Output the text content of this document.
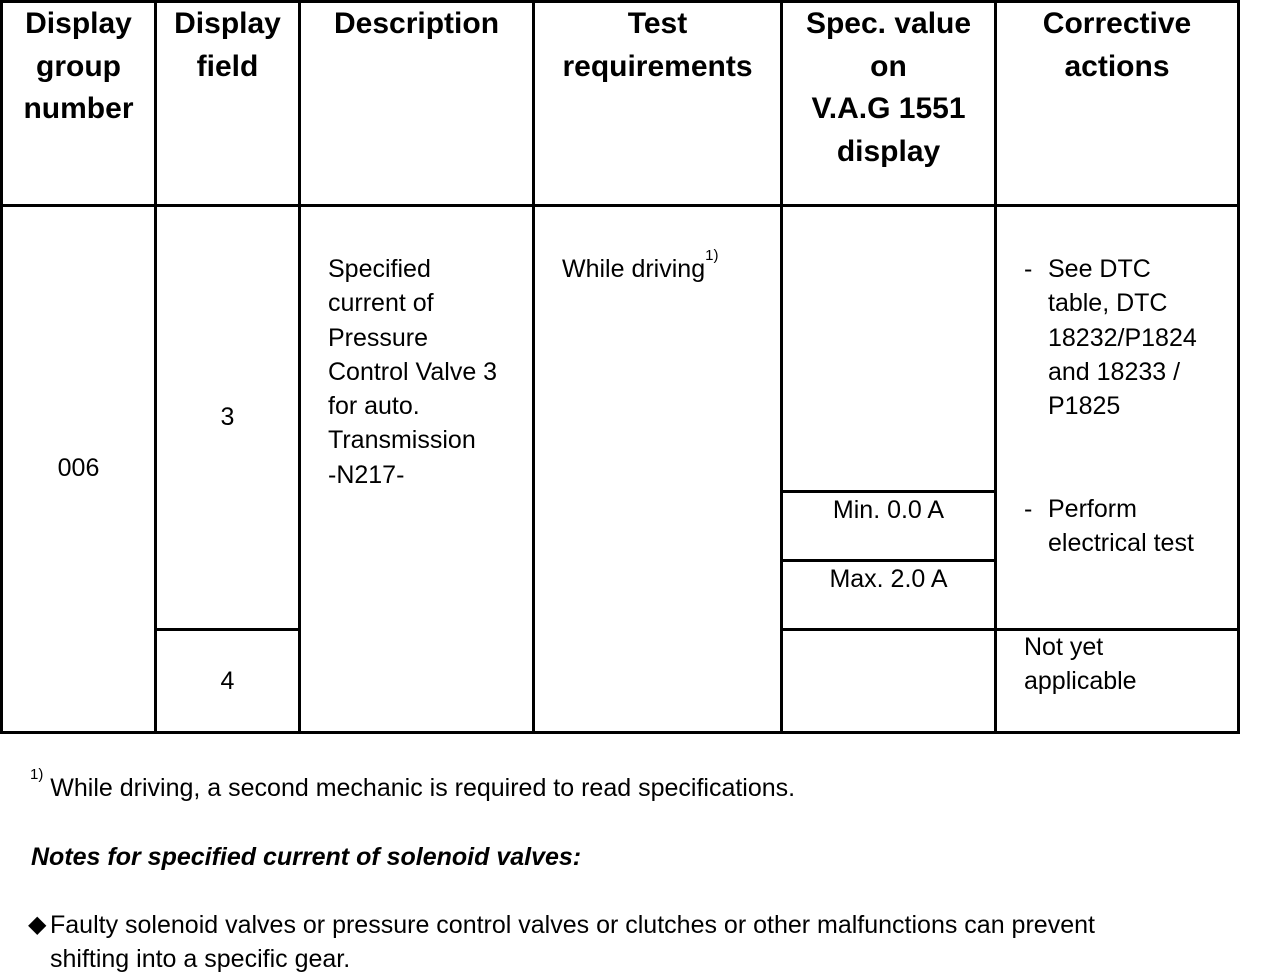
Display
group
number
Display
field
Description	Test
requirements
Spec. value
on
V.A.G 1551
display
Corrective
actions
006
3
4
Specified
current of
Pressure
Control Valve 3
for auto.
Transmission
-N217-
While driving$^{1)}$
Min. 0.0 A
Max. 2.0 A
- See DTC
table, DTC
18232/P1824
and 18233 /
P1825
- Perform
electrical test
Not yet
applicable
$^{1)}$ While driving, a second mechanic is required to read specifications.
Notes for specified current of solenoid valves:
◆ Faulty solenoid valves or pressure control valves or clutches or other malfunctions can prevent
shifting into a specific gear.
